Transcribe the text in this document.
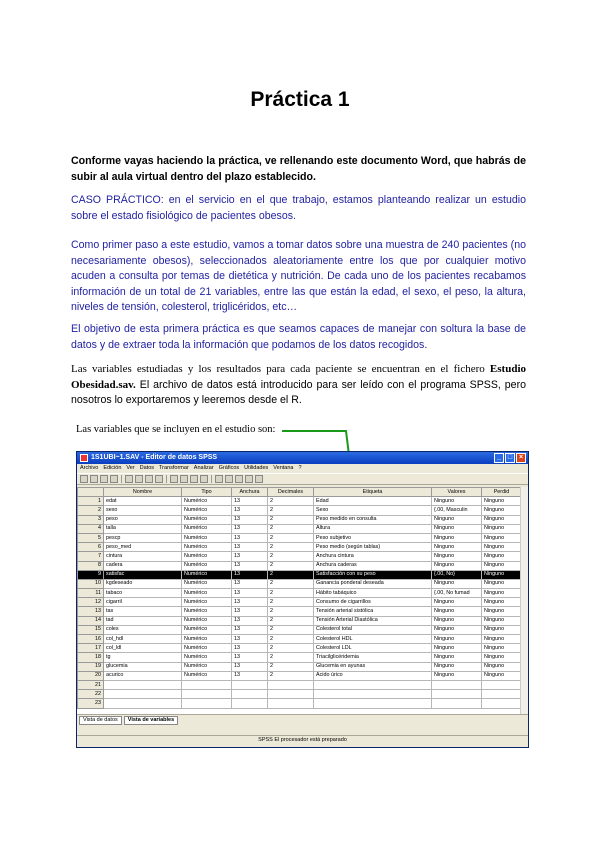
Práctica 1
Conforme vayas haciendo la práctica, ve rellenando este documento Word, que habrás de subir al aula virtual dentro del plazo establecido.
CASO PRÁCTICO: en el servicio en el que trabajo, estamos planteando realizar un estudio sobre el estado fisiológico de pacientes obesos.
Como primer paso a este estudio, vamos a tomar datos sobre una muestra de 240 pacientes (no necesariamente obesos), seleccionados aleatoriamente entre los que por cualquier motivo acuden a consulta por temas de dietética y nutrición. De cada uno de los pacientes recabamos información de un total de 21 variables, entre las que están la edad, el sexo, el peso, la altura, niveles de tensión, colesterol, triglicéridos, etc…
El objetivo de esta primera práctica es que seamos capaces de manejar con soltura la base de datos y de extraer toda la información que podamos de los datos recogidos.
Las variables estudiadas y los resultados para cada paciente se encuentran en el fichero Estudio Obesidad.sav. El archivo de datos está introducido para ser leído con el programa SPSS, pero nosotros lo exportaremos y leeremos desde el R.
Las variables que se incluyen en el estudio son:
1S1UBI~1.SAV - Editor de datos SPSS	_ □ ×
Archivo Edición Ver Datos Transformar Analizar Gráficos Utilidades Ventana ?
	Nombre	Tipo	Anchura	Decimales	Etiqueta	Valores	Perdid
1	edat	Numérico	13	2	Edad	Ninguno	Ninguno
2	sexo	Numérico	13	2	Sexo	{.00, Masculin	Ninguno
3	peso	Numérico	13	2	Peso medido en consulta	Ninguno	Ninguno
4	talla	Numérico	13	2	Altura	Ninguno	Ninguno
5	pescp	Numérico	13	2	Peso subjetivo	Ninguno	Ninguno
6	peso_med	Numérico	13	2	Peso medio (según tablas)	Ninguno	Ninguno
7	cintura	Numérico	13	2	Anchura cintura	Ninguno	Ninguno
8	cadera	Numérico	13	2	Anchura caderas	Ninguno	Ninguno
9	satisfac	Numérico	13	2	Satisfacción con su peso	{.00, No}	Ninguno
10	kgdeseado	Numérico	13	2	Ganancia ponderal deseada	Ninguno	Ninguno
11	tabaco	Numérico	13	2	Hábito tabáquico	{.00, No fumad	Ninguno
12	cigarril	Numérico	13	2	Consumo de cigarrillos	Ninguno	Ninguno
13	tas	Numérico	13	2	Tensión arterial sistólica	Ninguno	Ninguno
14	tad	Numérico	13	2	Tensión Arterial Diastólica	Ninguno	Ninguno
15	coles	Numérico	13	2	Colesterol total	Ninguno	Ninguno
16	col_hdl	Numérico	13	2	Colesterol HDL	Ninguno	Ninguno
17	col_ldl	Numérico	13	2	Colesterol LDL	Ninguno	Ninguno
18	tg	Numérico	13	2	Triacilglicéridemia	Ninguno	Ninguno
19	glucemia	Numérico	13	2	Glucemia en ayunas	Ninguno	Ninguno
20	acurico	Numérico	13	2	Acido úrico	Ninguno	Ninguno
21							
22							
23							
Vista de datos	Vista de variables
SPSS El procesador está preparado
